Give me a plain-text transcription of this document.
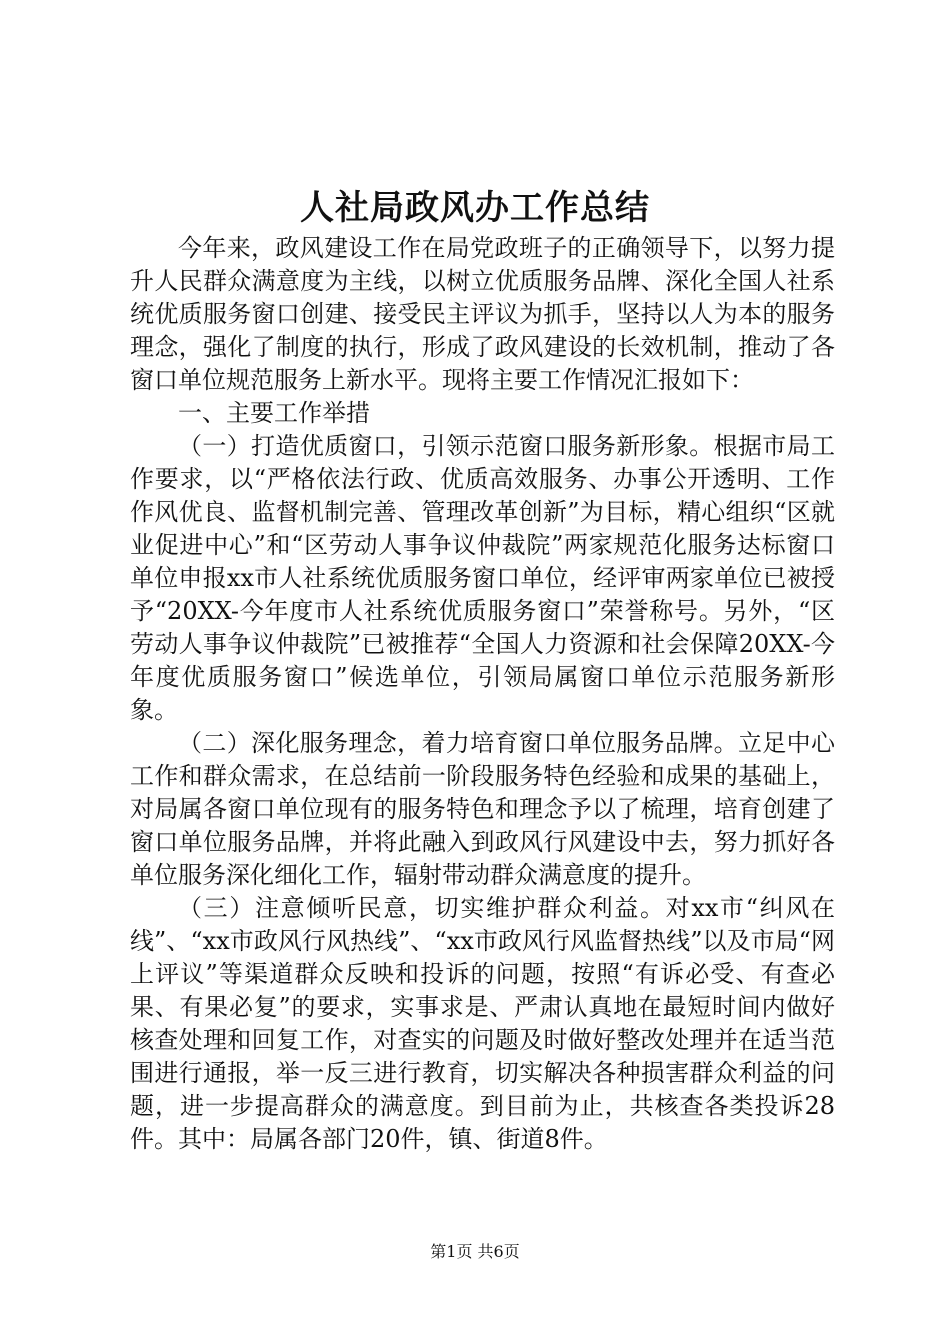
人社局政风办工作总结

今年来，政风建设工作在局党政班子的正确领导下，以努力提升人民群众满意度为主线，以树立优质服务品牌、深化全国人社系统优质服务窗口创建、接受民主评议为抓手，坚持以人为本的服务理念，强化了制度的执行，形成了政风建设的长效机制，推动了各窗口单位规范服务上新水平。现将主要工作情况汇报如下：

一、主要工作举措

（一）打造优质窗口，引领示范窗口服务新形象。根据市局工作要求，以“严格依法行政、优质高效服务、办事公开透明、工作作风优良、监督机制完善、管理改革创新”为目标，精心组织“区就业促进中心”和“区劳动人事争议仲裁院”两家规范化服务达标窗口单位申报xx市人社系统优质服务窗口单位，经评审两家单位已被授予“20XX-今年度市人社系统优质服务窗口”荣誉称号。另外，“区劳动人事争议仲裁院”已被推荐“全国人力资源和社会保障20XX-今年度优质服务窗口”候选单位，引领局属窗口单位示范服务新形象。

（二）深化服务理念，着力培育窗口单位服务品牌。立足中心工作和群众需求，在总结前一阶段服务特色经验和成果的基础上，对局属各窗口单位现有的服务特色和理念予以了梳理，培育创建了窗口单位服务品牌，并将此融入到政风行风建设中去，努力抓好各单位服务深化细化工作，辐射带动群众满意度的提升。

（三）注意倾听民意，切实维护群众利益。对xx市“纠风在线”、“xx市政风行风热线”、“xx市政风行风监督热线”以及市局“网上评议”等渠道群众反映和投诉的问题，按照“有诉必受、有查必果、有果必复”的要求，实事求是、严肃认真地在最短时间内做好核查处理和回复工作，对查实的问题及时做好整改处理并在适当范围进行通报，举一反三进行教育，切实解决各种损害群众利益的问题，进一步提高群众的满意度。到目前为止，共核查各类投诉28件。其中：局属各部门20件，镇、街道8件。

第1页 共6页
